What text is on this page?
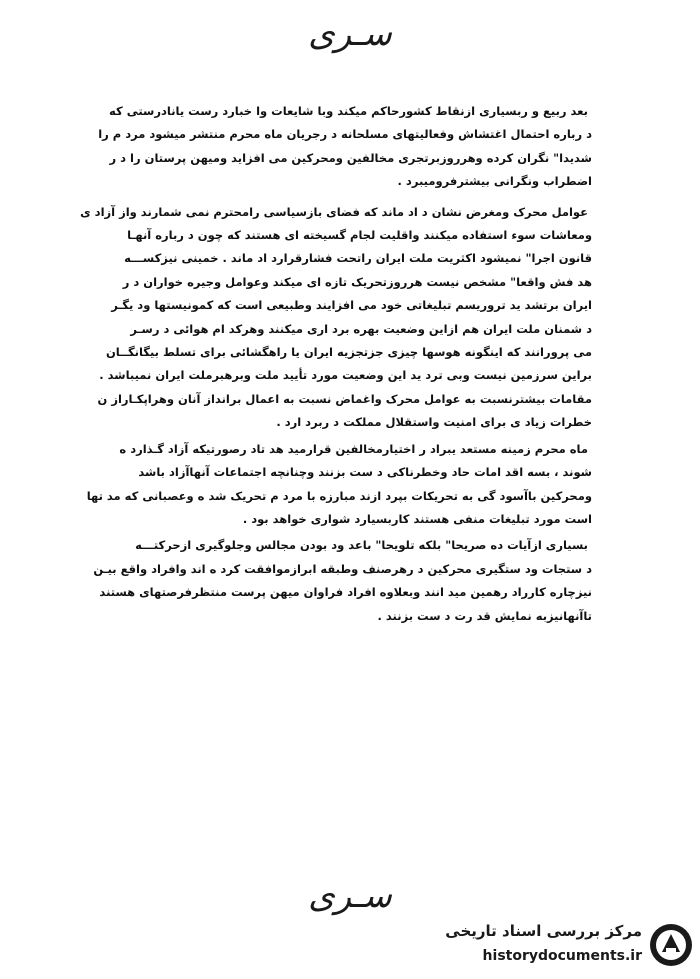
سـری

بعد ربیع و ربسیاری ازنقاط کشورحاکم میکند وبا شایعات وا خبارد رست یانادرستی که
د رباره احتمال اغتشاش وفعالیتهای مسلحانه د رجریان ماه محرم منتشر میشود مرد م را
شدیدا" نگران کرده وهرروزبرتجری مخالفین ومحرکین می افزاید وميهن پرستان را د ر
اضطراب ونگرانی بیشترفرومیبرد .

عوامل محرک ومغرض نشان د اد ماند که فضای بازسیاسی رامحترم نمی شمارند واز آزاد ی
ومعاشات سوء استفاده میکنند واقلیت لجام گسیخته ای هستند که چون د رباره آنهـا
قانون اجرا" نمیشود اکثریت ملت ایران راتحت فشارقرارد اد ماند . خمینی نیزکســـه
هد فش واقعا" مشخص نیست هرروزتحریک تازه ای میکند وعوامل وجیره خواران د ر
ایران برتشد ید تروریسم تبلیغاتی خود می افزایند وطبیعی است که کمونیستها ود یگـر
د شمنان ملت ایران هم ازاین وضعیت بهره برد اری میکنند وهرکد ام هوائی د رسـر
می پرورانند که اینگونه هوسها چیزی جزتجزیه ایران یا راهگشائی برای تسلط بیگانگــان
براین سرزمین نیست وبی ترد ید این وضعیت مورد تأیید ملت وبرهبرملت ایران نمیباشد .
مقامات بیشترنسبت به عوامل محرک واغماض نسبت به اعمال برانداز آنان وهراپکـاراز ن
خطرات زیاد ی برای امنیت واستقلال مملکت د ربرد ارد .

ماه محرم زمینه مستعد یبراد ر اختیارمخالفین قرارمید هد تاد رصورتیکه آزاد گـذارد ه
شوند ، بسه اقد امات حاد وخطرناکی د ست بزنند وچنانچه اجتماعات آنهاآزاد باشد
ومحرکین باآسود گی به تحریکات بپرد ازند مبارزه با مرد م تحریک شد ه وعصبانی که مد تها
است مورد تبلیغات منفی هستند کاربسیارد شواری خواهد بود .

بسیاری ازآیات ده صریحا" بلکه تلویحا" باعد ود بودن مجالس وجلوگیری ازحرکتـــه
د ستجات ود ستگیری محرکین د رهرصنف وطبقه ابرازموافقت کرد ه اند وافراد واقع بیـن
نیزچاره کارراد رهمین مید انند وبعلاوه افراد فراوان میهن پرست منتظرفرصتهای هستند
تاآنهانیزبه نمایش قد رت د ست بزنند .

سـری
مرکز بررسی اسناد تاریخی
historydocuments.ir
